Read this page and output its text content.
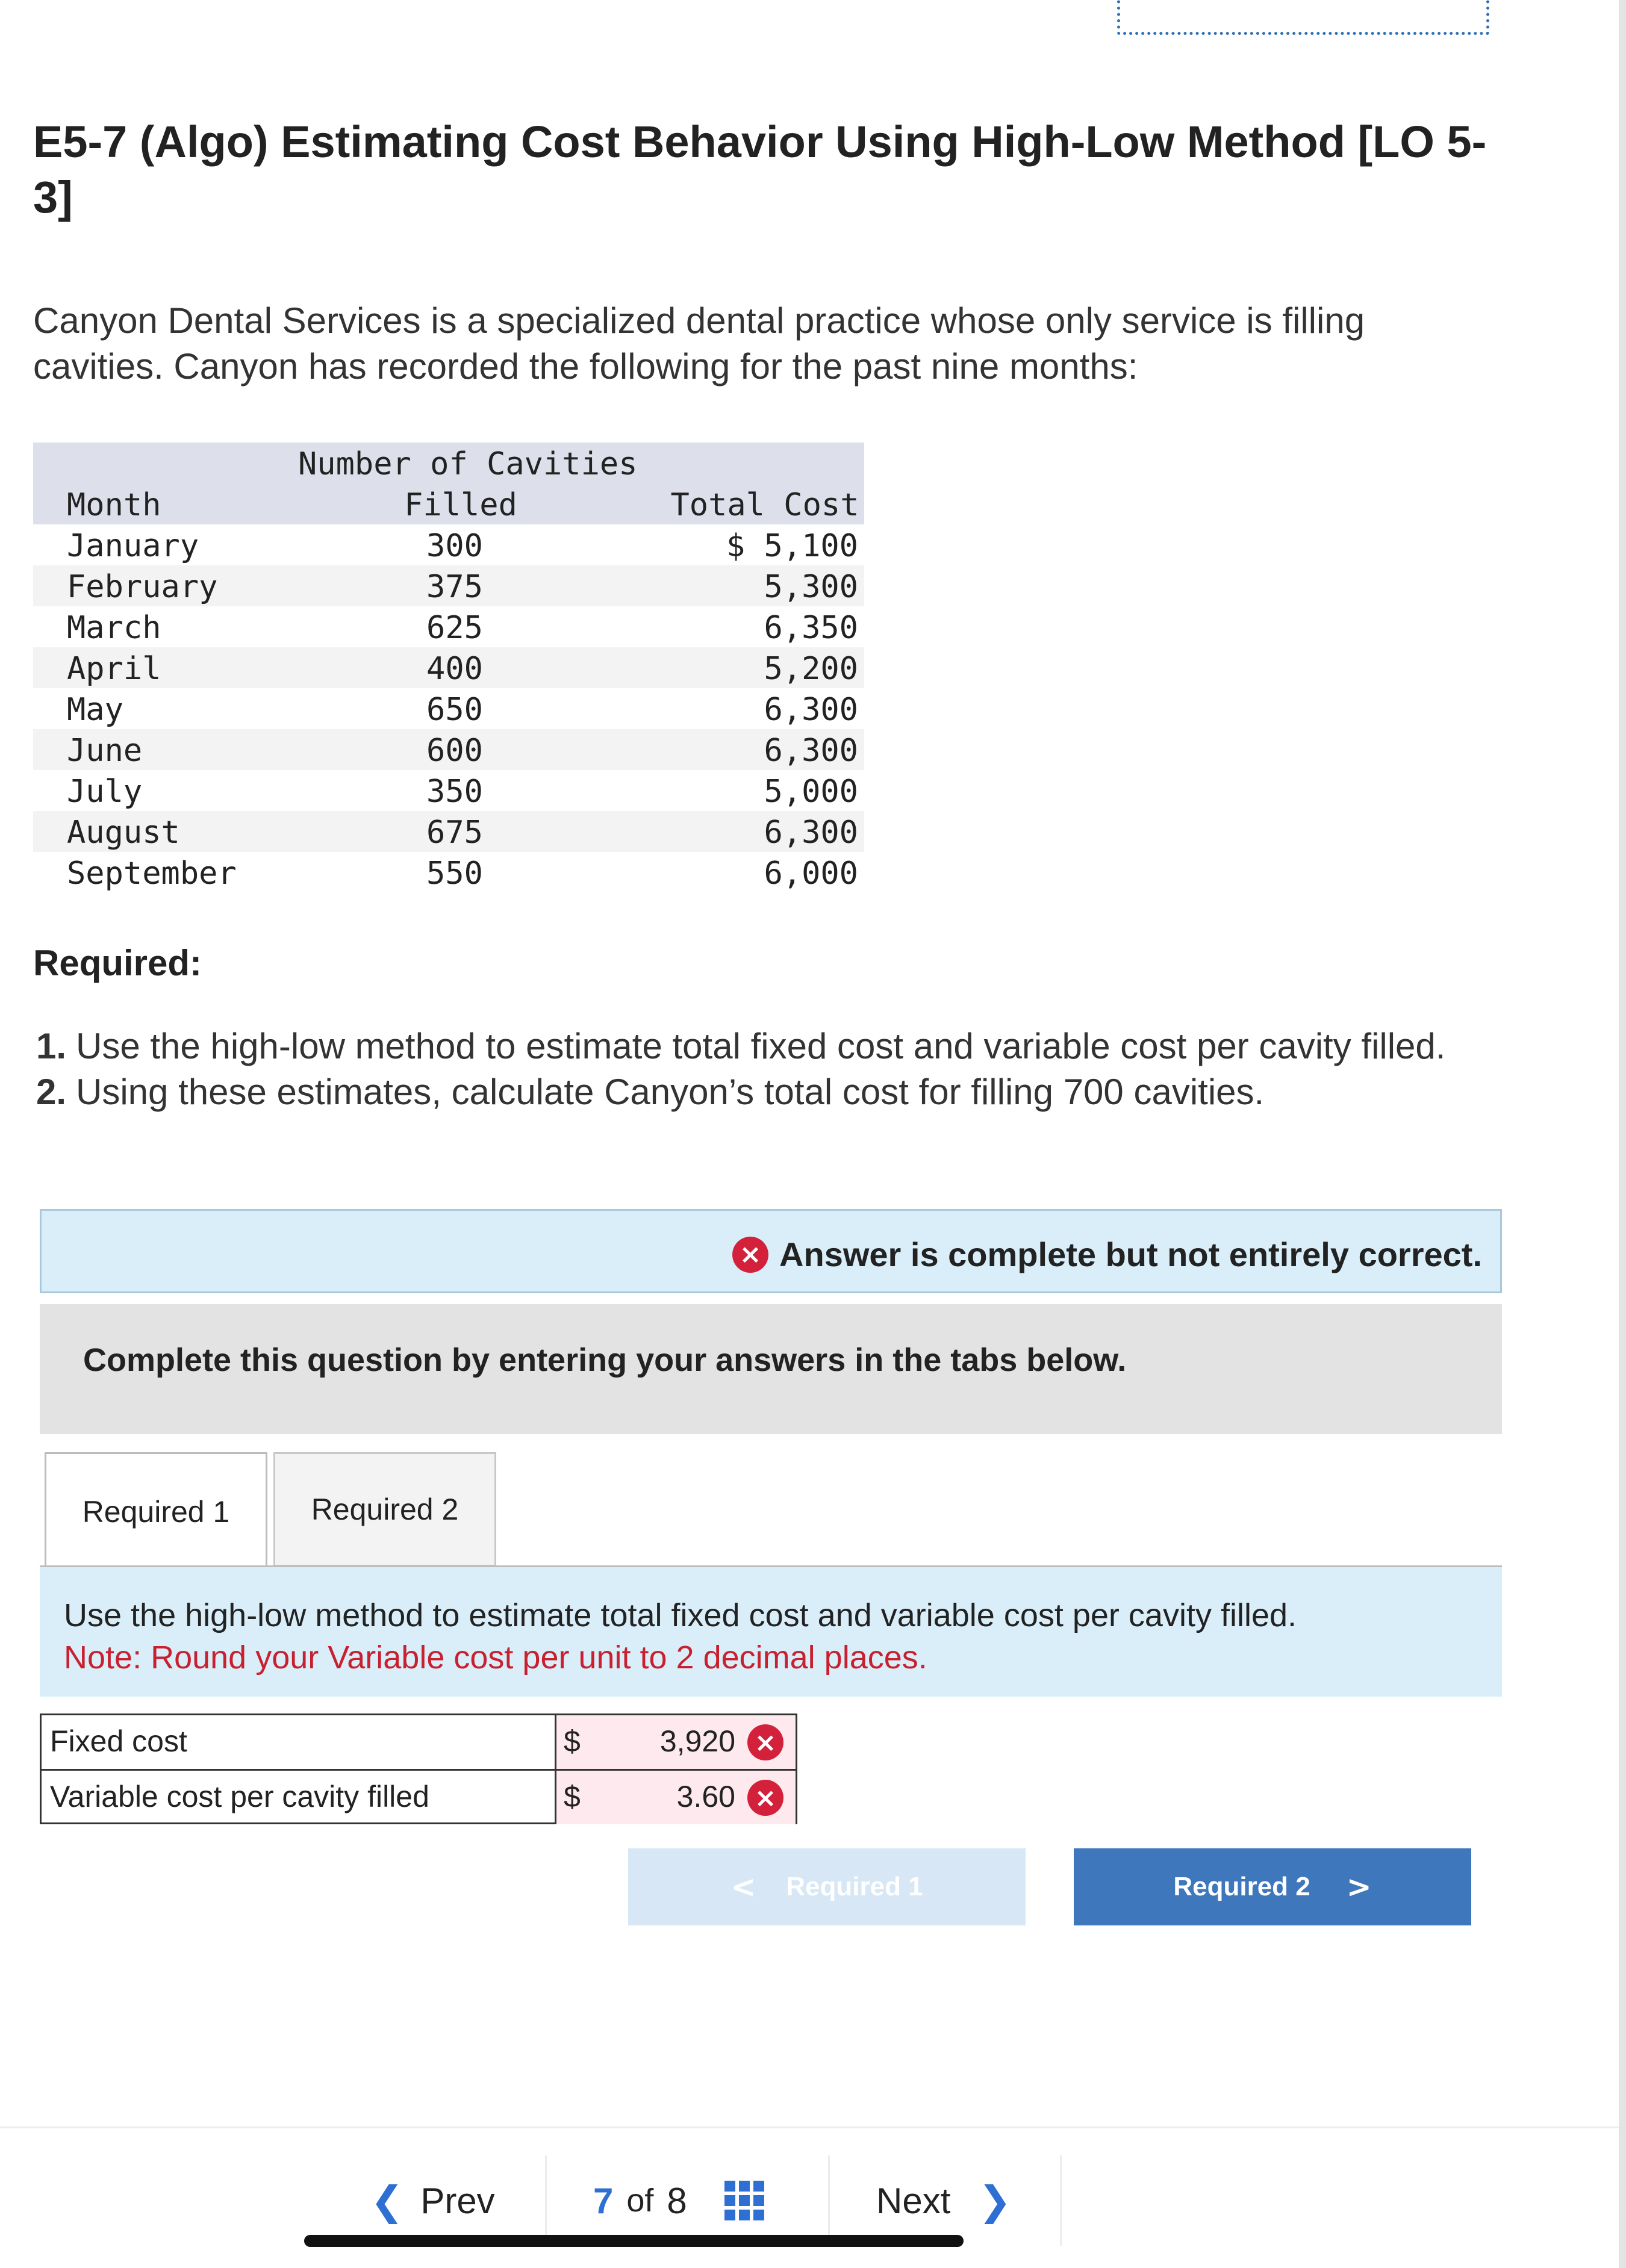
E5-7 (Algo) Estimating Cost Behavior Using High-Low Method [LO 5-3]
Canyon Dental Services is a specialized dental practice whose only service is filling cavities. Canyon has recorded the following for the past nine months:
Number of Cavities
Month	Filled	Total Cost
January	300	$ 5,100
February	375	5,300
March	625	6,350
April	400	5,200
May	650	6,300
June	600	6,300
July	350	5,000
August	675	6,300
September	550	6,000
Required:
1. Use the high-low method to estimate total fixed cost and variable cost per cavity filled.
2. Using these estimates, calculate Canyon’s total cost for filling 700 cavities.
× Answer is complete but not entirely correct.
Complete this question by entering your answers in the tabs below.
Required 1	Required 2
Use the high-low method to estimate total fixed cost and variable cost per cavity filled.
Note: Round your Variable cost per unit to 2 decimal places.
Fixed cost	$	3,920 ×
Variable cost per cavity filled	$	3.60 ×
< Required 1	Required 2 >
❮ Prev	7 of 8	Next ❯
